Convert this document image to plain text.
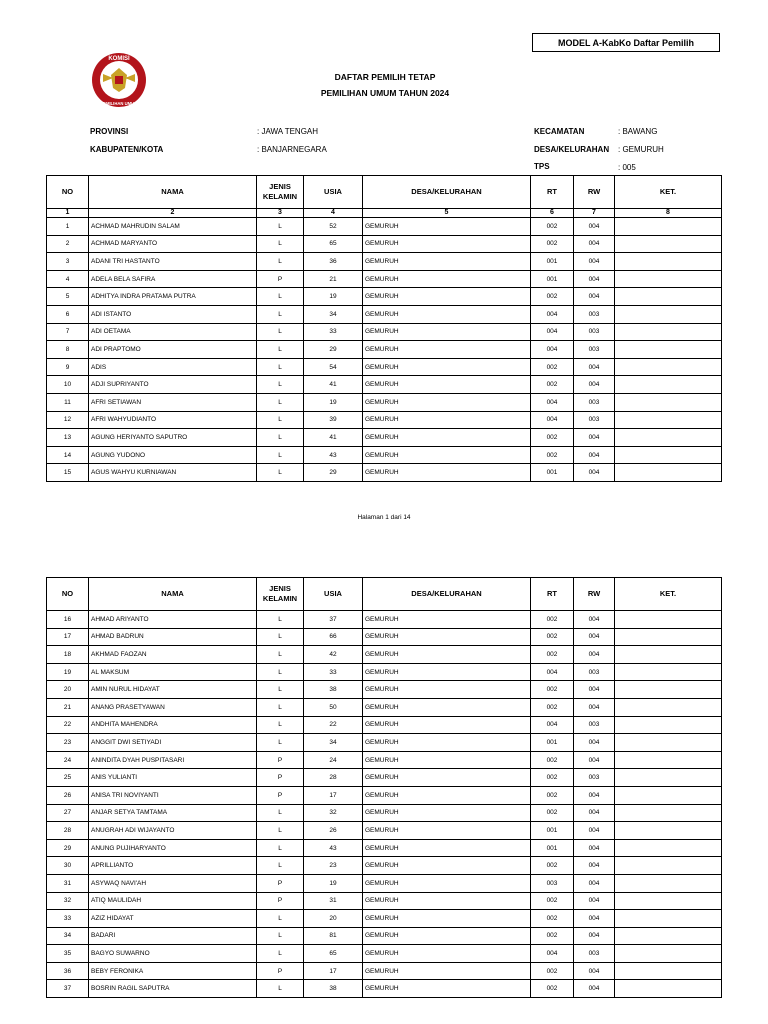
MODEL A-KabKo Daftar Pemilih
KOMISI
PEMILIHAN UMUM
DAFTAR PEMILIH TETAP
PEMILIHAN UMUM TAHUN 2024
PROVINSI	: JAWA TENGAH
KABUPATEN/KOTA	: BANJARNEGARA
KECAMATAN	: BAWANG
DESA/KELURAHAN : GEMURUH
TPS	: 005
NO	NAMA	JENIS
KELAMIN	USIA	DESA/KELURAHAN	RT	RW	KET.
1	2	3	4	5	6	7	8
1	ACHMAD MAHRUDIN SALAM	L	52	GEMURUH	002	004	
2	ACHMAD MARYANTO	L	65	GEMURUH	002	004	
3	ADANI TRI HASTANTO	L	36	GEMURUH	001	004	
4	ADELA BELA SAFIRA	P	21	GEMURUH	001	004	
5	ADHITYA INDRA PRATAMA PUTRA	L	19	GEMURUH	002	004	
6	ADI ISTANTO	L	34	GEMURUH	004	003	
7	ADI OETAMA	L	33	GEMURUH	004	003	
8	ADI PRAPTOMO	L	29	GEMURUH	004	003	
9	ADIS	L	54	GEMURUH	002	004	
10	ADJI SUPRIYANTO	L	41	GEMURUH	002	004	
11	AFRI SETIAWAN	L	19	GEMURUH	004	003	
12	AFRI WAHYUDIANTO	L	39	GEMURUH	004	003	
13	AGUNG HERIYANTO SAPUTRO	L	41	GEMURUH	002	004	
14	AGUNG YUDONO	L	43	GEMURUH	002	004	
15	AGUS WAHYU KURNIAWAN	L	29	GEMURUH	001	004	
Halaman 1 dari 14
NO	NAMA	JENIS
KELAMIN	USIA	DESA/KELURAHAN	RT	RW	KET.
16	AHMAD ARIYANTO	L	37	GEMURUH	002	004	
17	AHMAD BADRUN	L	66	GEMURUH	002	004	
18	AKHMAD FAOZAN	L	42	GEMURUH	002	004	
19	AL MAKSUM	L	33	GEMURUH	004	003	
20	AMIN NURUL HIDAYAT	L	38	GEMURUH	002	004	
21	ANANG PRASETYAWAN	L	50	GEMURUH	002	004	
22	ANDHITA MAHENDRA	L	22	GEMURUH	004	003	
23	ANGGIT DWI SETIYADI	L	34	GEMURUH	001	004	
24	ANINDITA DYAH PUSPITASARI	P	24	GEMURUH	002	004	
25	ANIS YULIANTI	P	28	GEMURUH	002	003	
26	ANISA TRI NOVIYANTI	P	17	GEMURUH	002	004	
27	ANJAR SETYA TAMTAMA	L	32	GEMURUH	002	004	
28	ANUGRAH ADI WIJAYANTO	L	26	GEMURUH	001	004	
29	ANUNG PUJIHARYANTO	L	43	GEMURUH	001	004	
30	APRILLIANTO	L	23	GEMURUH	002	004	
31	ASYWAQ NAVI'AH	P	19	GEMURUH	003	004	
32	ATIQ MAULIDAH	P	31	GEMURUH	002	004	
33	AZIZ HIDAYAT	L	20	GEMURUH	002	004	
34	BADARI	L	81	GEMURUH	002	004	
35	BAGYO SUWARNO	L	65	GEMURUH	004	003	
36	BEBY FERONIKA	P	17	GEMURUH	002	004	
37	BOSRIN RAGIL SAPUTRA	L	38	GEMURUH	002	004	
